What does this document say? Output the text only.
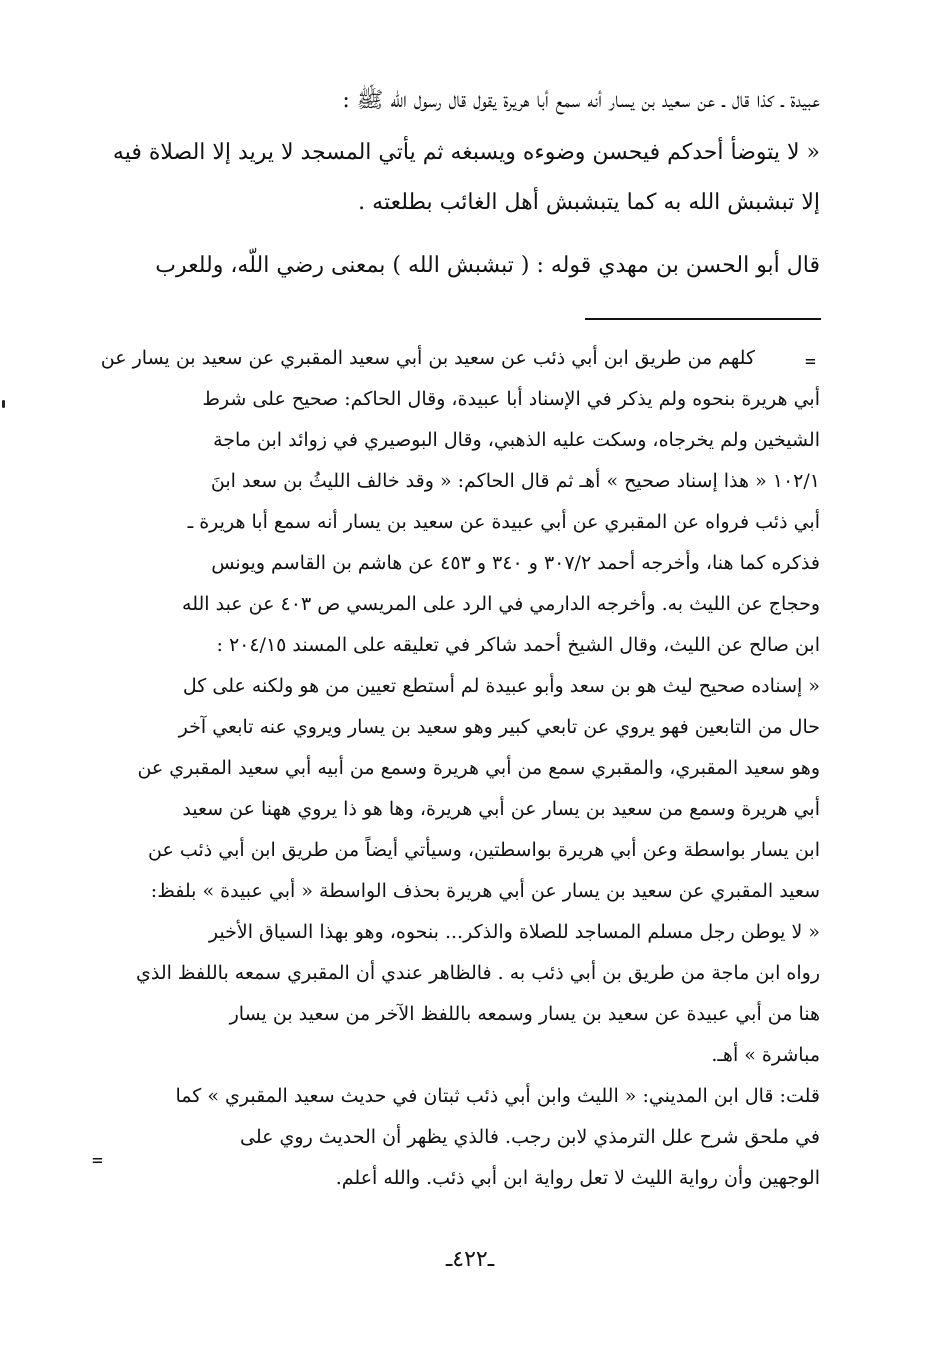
عبيدة ـ كذا قال ـ عن سعيد بن يسار أنه سمع أبا هريرة يقول قال رسول الله ﷺ :
« لا يتوضأ أحدكم فيحسن وضوءه ويسبغه ثم يأتي المسجد لا يريد إلا الصلاة فيه
إلا تبشبش الله به كما يتبشبش أهل الغائب بطلعته .
قال أبو الحسن بن مهدي قوله : ( تبشبش الله ) بمعنى رضي اللّه، وللعرب
=
كلهم من طريق ابن أبي ذئب عن سعيد بن أبي سعيد المقبري عن سعيد بن يسار عن
أبي هريرة بنحوه ولم يذكر في الإسناد أبا عبيدة، وقال الحاكم: صحيح على شرط
الشيخين ولم يخرجاه، وسكت عليه الذهبي، وقال البوصيري في زوائد ابن ماجة
١٠٢/١ « هذا إسناد صحيح » أهـ ثم قال الحاكم: « وقد خالف الليثُ بن سعد ابنَ
أبي ذئب فرواه عن المقبري عن أبي عبيدة عن سعيد بن يسار أنه سمع أبا هريرة ـ
فذكره كما هنا، وأخرجه أحمد ٣٠٧/٢ و ٣٤٠ و ٤٥٣ عن هاشم بن القاسم ويونس
وحجاج عن الليث به. وأخرجه الدارمي في الرد على المريسي ص ٤٠٣ عن عبد الله
ابن صالح عن الليث، وقال الشيخ أحمد شاكر في تعليقه على المسند ٢٠٤/١٥ :
« إسناده صحيح ليث هو بن سعد وأبو عبيدة لم أستطع تعيين من هو ولكنه على كل
حال من التابعين فهو يروي عن تابعي كبير وهو سعيد بن يسار ويروي عنه تابعي آخر
وهو سعيد المقبري، والمقبري سمع من أبي هريرة وسمع من أبيه أبي سعيد المقبري عن
أبي هريرة وسمع من سعيد بن يسار عن أبي هريرة، وها هو ذا يروي ههنا عن سعيد
ابن يسار بواسطة وعن أبي هريرة بواسطتين، وسيأتي أيضاً من طريق ابن أبي ذئب عن
سعيد المقبري عن سعيد بن يسار عن أبي هريرة بحذف الواسطة « أبي عبيدة » بلفظ:
« لا يوطن رجل مسلم المساجد للصلاة والذكر... بنحوه، وهو بهذا السياق الأخير
رواه ابن ماجة من طريق بن أبي ذئب به . فالظاهر عندي أن المقبري سمعه باللفظ الذي
هنا من أبي عبيدة عن سعيد بن يسار وسمعه باللفظ الآخر من سعيد بن يسار
مباشرة » أهـ.
قلت: قال ابن المديني: « الليث وابن أبي ذئب ثبتان في حديث سعيد المقبري » كما
في ملحق شرح علل الترمذي لابن رجب. فالذي يظهر أن الحديث روي على
الوجهين وأن رواية الليث لا تعل رواية ابن أبي ذئب. والله أعلم.
=
ـ٤٢٢ـ
